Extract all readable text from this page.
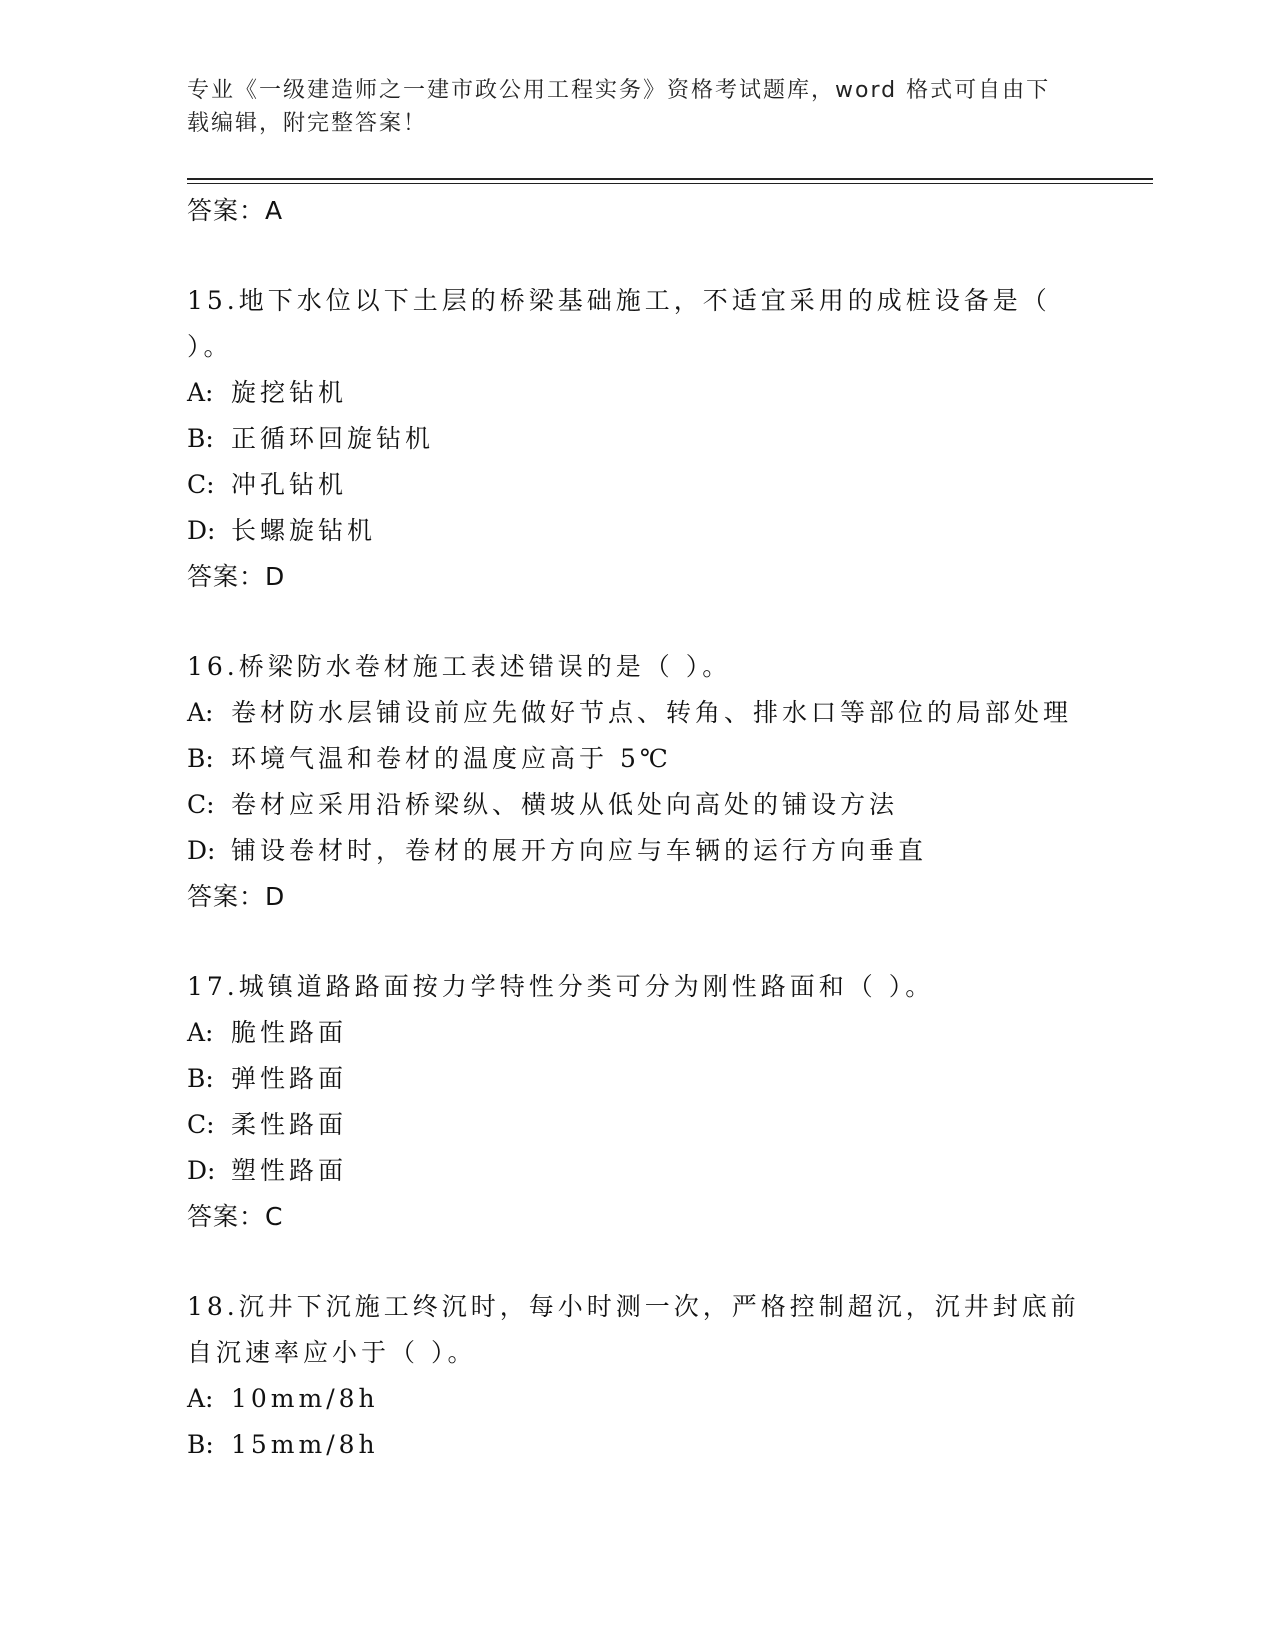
专业《一级建造师之一建市政公用工程实务》资格考试题库，word 格式可自由下
载编辑，附完整答案！
答案：A
15.地下水位以下土层的桥梁基础施工，不适宜采用的成桩设备是（
）。
A: 旋挖钻机
B: 正循环回旋钻机
C: 冲孔钻机
D: 长螺旋钻机
答案：D
16.桥梁防水卷材施工表述错误的是（ ）。
A: 卷材防水层铺设前应先做好节点、转角、排水口等部位的局部处理
B: 环境气温和卷材的温度应高于 5℃
C: 卷材应采用沿桥梁纵、横坡从低处向高处的铺设方法
D: 铺设卷材时，卷材的展开方向应与车辆的运行方向垂直
答案：D
17.城镇道路路面按力学特性分类可分为刚性路面和（ ）。
A: 脆性路面
B: 弹性路面
C: 柔性路面
D: 塑性路面
答案：C
18.沉井下沉施工终沉时，每小时测一次，严格控制超沉，沉井封底前
自沉速率应小于（ ）。
A: 10mm/8h
B: 15mm/8h
